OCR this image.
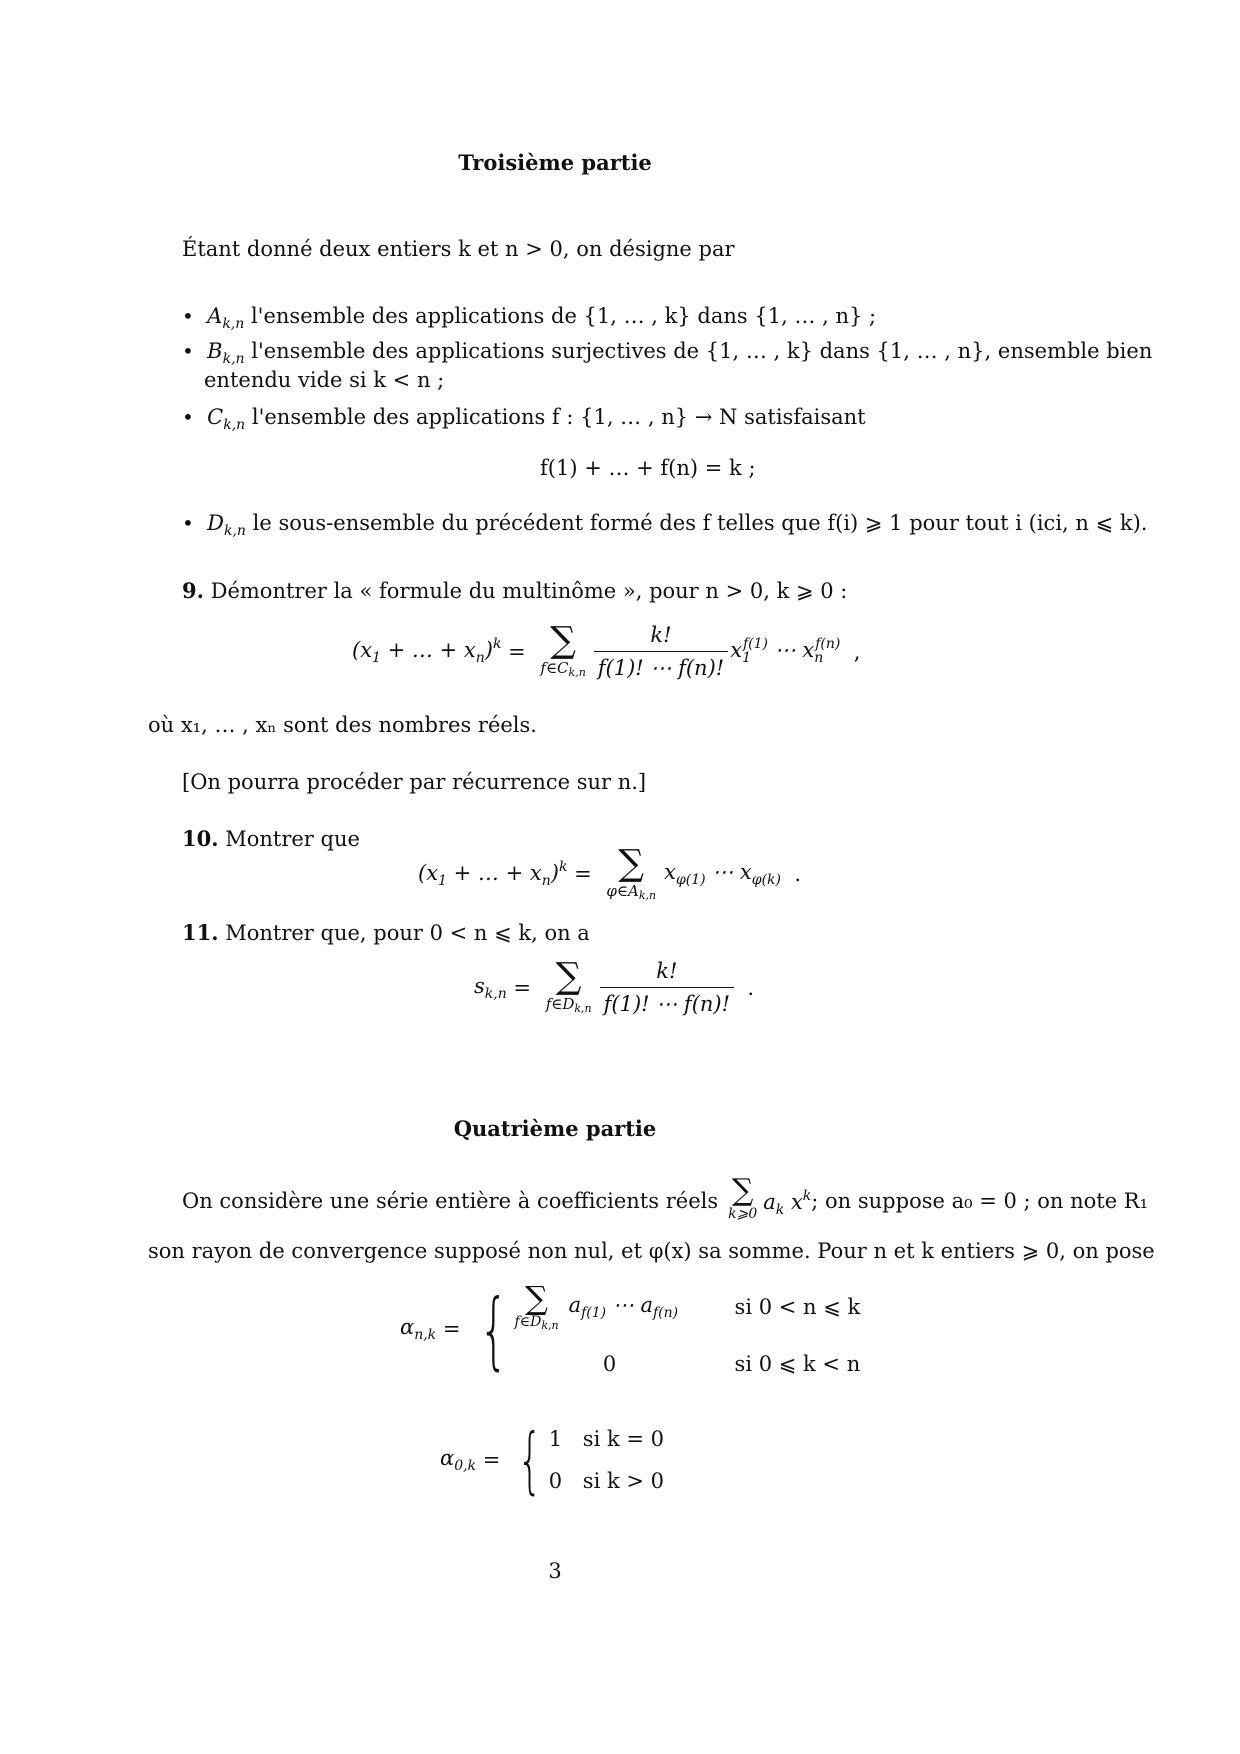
Troisième partie
Étant donné deux entiers k et n > 0, on désigne par
• $A_{k,n}$ l'ensemble des applications de {1, … , k} dans {1, … , n} ;
• $B_{k,n}$ l'ensemble des applications surjectives de {1, … , k} dans {1, … , n}, ensemble bien
entendu vide si k < n ;
• $C_{k,n}$ l'ensemble des applications f : {1, … , n} → N satisfaisant
f(1) + … + f(n) = k ;
• $D_{k,n}$ le sous-ensemble du précédent formé des f telles que f(i) ⩾ 1 pour tout i (ici, n ⩽ k).
9. Démontrer la « formule du multinôme », pour n > 0, k ⩾ 0 :
($x_1$ + … + $x_n)^k$ = ∑
$f\in C_{k,n} \frac{k!}{f(1)! \cdots f(n)!} x_1^{f(1)}$ ⋯ $x_n^{f(n)}$ ,
où x₁, … , xₙ sont des nombres réels.
[On pourra procéder par récurrence sur n.]
10. Montrer que
($x_1$ + … + $x_n)^k$ = ∑
$\varphi\in A_{k,n}$
$x_{\varphi(1)}$ ⋯ $x_{\varphi(k)}$ .
11. Montrer que, pour 0 < n ⩽ k, on a
$s_{k,n}$ = ∑
$f\in D_{k,n} \frac{k!}{f(1)! \cdots f(n)!}$ .
Quatrième partie
On considère une série entière à coefficients réels ∑
k⩾0 $a_k$ $x^k$ ; on suppose a₀ = 0 ; on note R₁
son rayon de convergence supposé non nul, et φ(x) sa somme. Pour n et k entiers ⩾ 0, on pose
$\alpha_{n,k}$ = { ∑
$f\in D_{k,n}$
$a_{f(1)}$ ⋯ $a_{f(n)}$	si 0 < n ⩽ k
0	si 0 ⩽ k < n
$\alpha_{0,k}$ = { 1 si k = 0
0 si k > 0
3
